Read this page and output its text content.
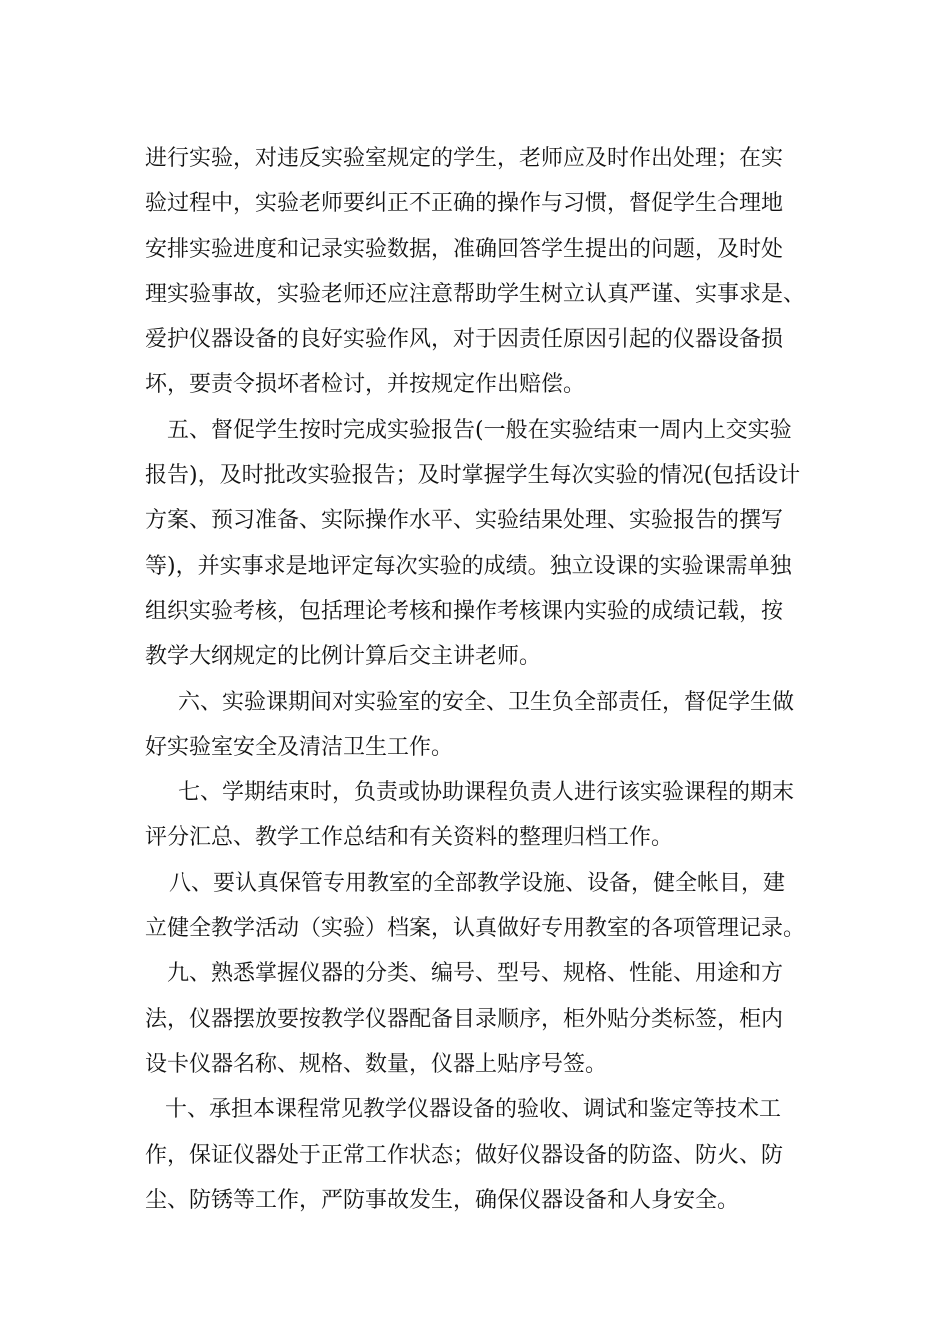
进行实验，对违反实验室规定的学生，老师应及时作出处理；在实
验过程中，实验老师要纠正不正确的操作与习惯，督促学生合理地
安排实验进度和记录实验数据，准确回答学生提出的问题，及时处
理实验事故，实验老师还应注意帮助学生树立认真严谨、实事求是、
爱护仪器设备的良好实验作风，对于因责任原因引起的仪器设备损
坏，要责令损坏者检讨，并按规定作出赔偿。
五、督促学生按时完成实验报告(一般在实验结束一周内上交实验
报告)，及时批改实验报告；及时掌握学生每次实验的情况(包括设计
方案、预习准备、实际操作水平、实验结果处理、实验报告的撰写
等)，并实事求是地评定每次实验的成绩。独立设课的实验课需单独
组织实验考核，包括理论考核和操作考核课内实验的成绩记载，按
教学大纲规定的比例计算后交主讲老师。
六、实验课期间对实验室的安全、卫生负全部责任，督促学生做
好实验室安全及清洁卫生工作。
七、学期结束时，负责或协助课程负责人进行该实验课程的期末
评分汇总、教学工作总结和有关资料的整理归档工作。
八、要认真保管专用教室的全部教学设施、设备，健全帐目，建
立健全教学活动（实验）档案，认真做好专用教室的各项管理记录。
九、熟悉掌握仪器的分类、编号、型号、规格、性能、用途和方
法，仪器摆放要按教学仪器配备目录顺序，柜外贴分类标签，柜内
设卡仪器名称、规格、数量，仪器上贴序号签。
十、承担本课程常见教学仪器设备的验收、调试和鉴定等技术工
作，保证仪器处于正常工作状态；做好仪器设备的防盗、防火、防
尘、防锈等工作，严防事故发生，确保仪器设备和人身安全。
